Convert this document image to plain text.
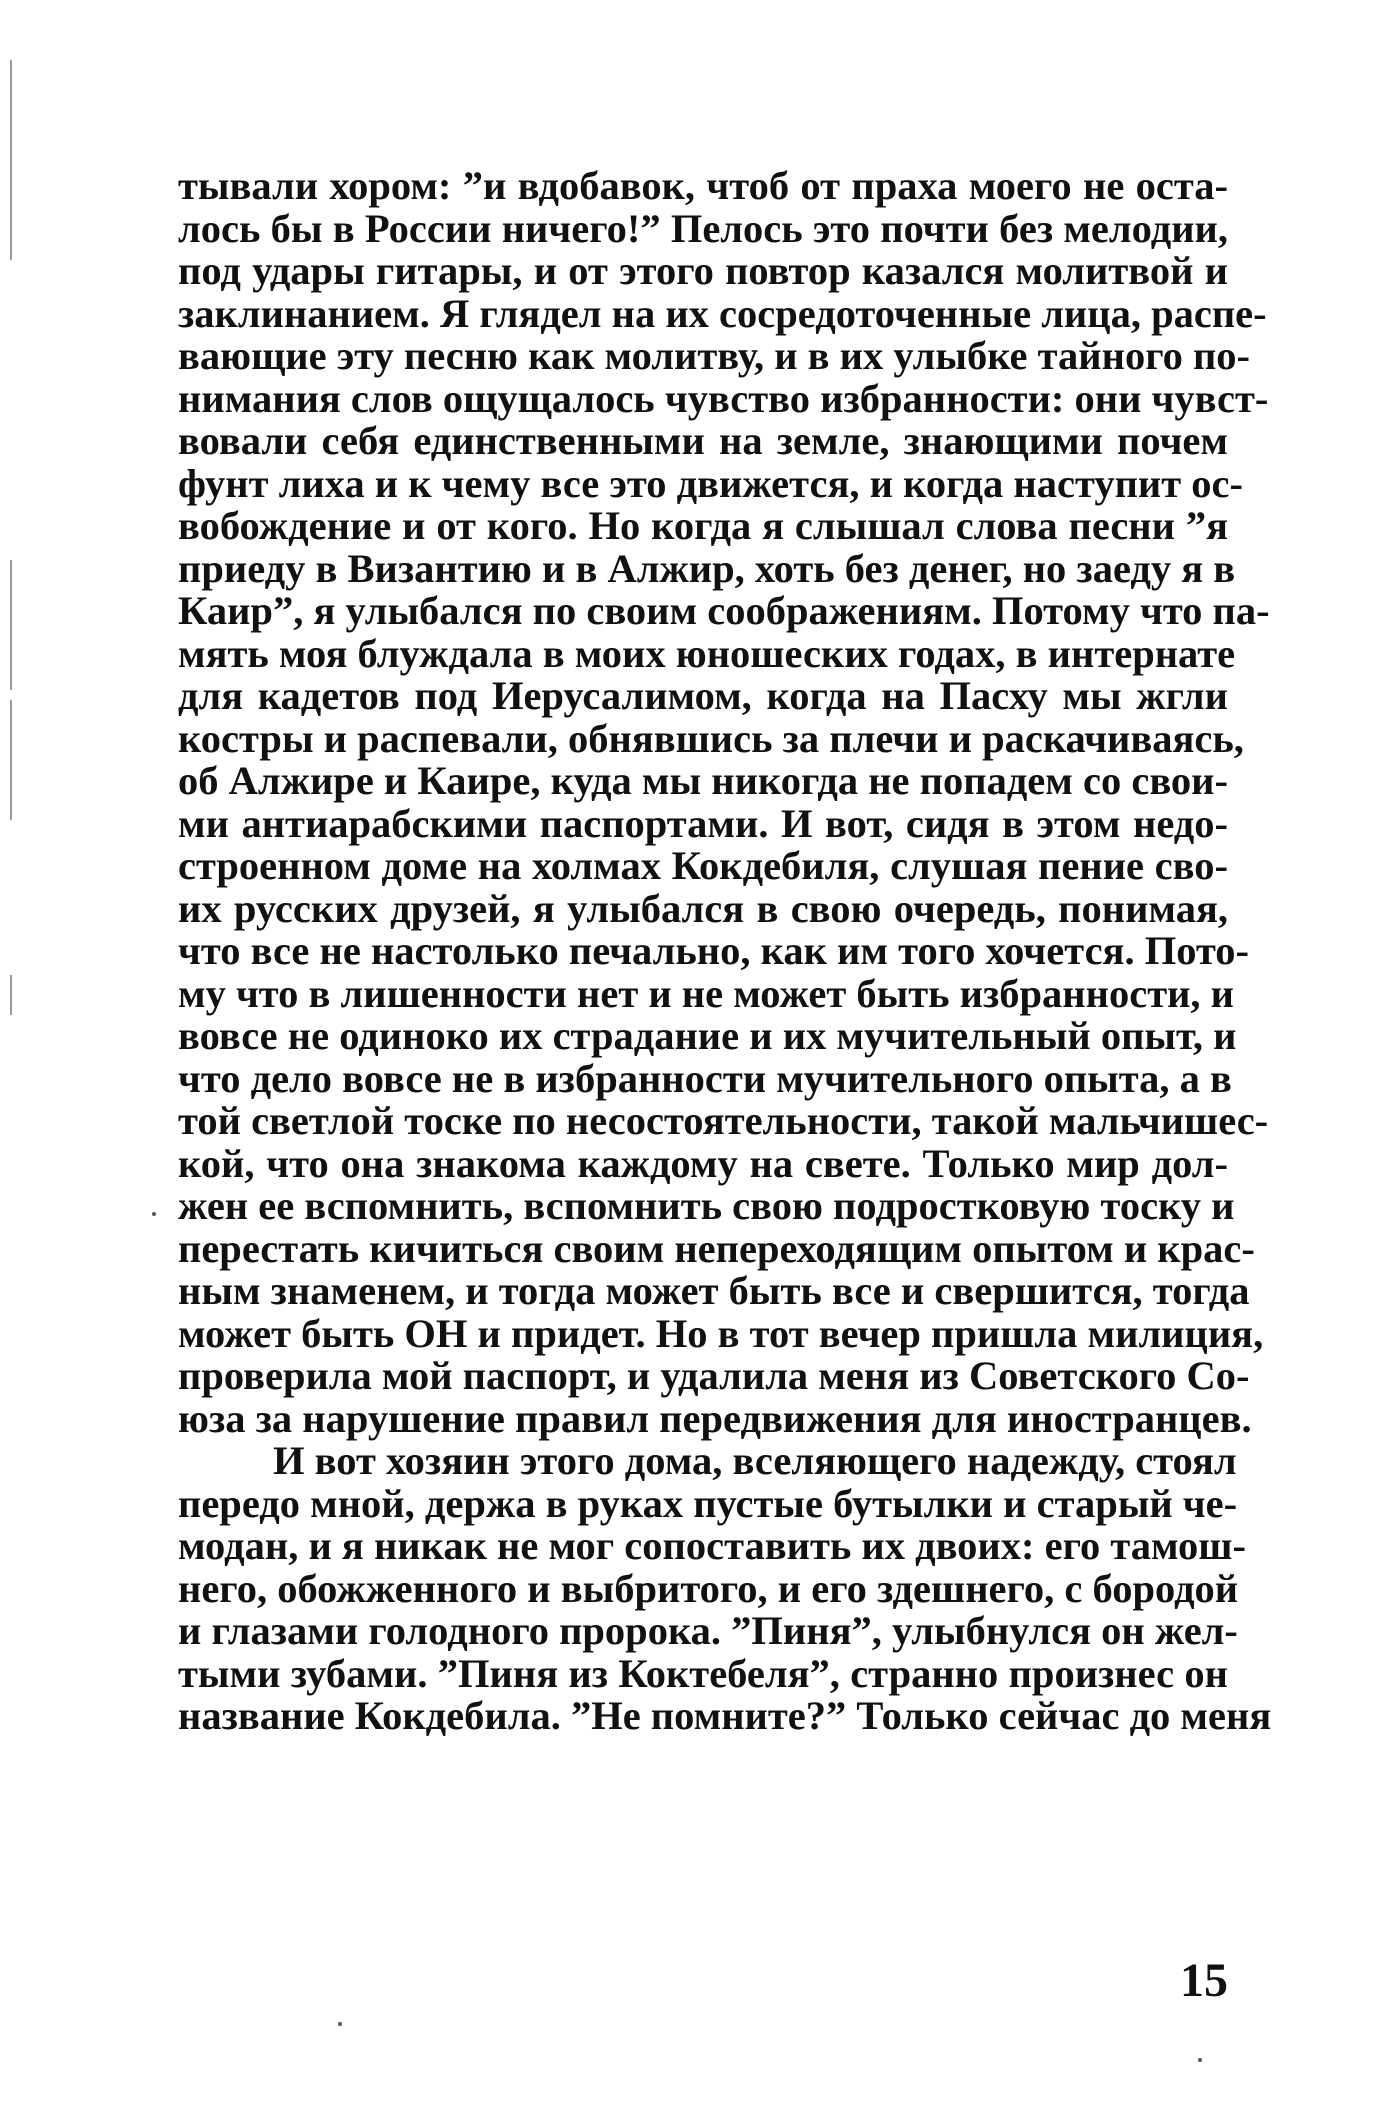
тывали хором: ”и вдобавок, чтоб от праха моего не оста-
лось бы в России ничего!” Пелось это почти без мелодии,
под удары гитары, и от этого повтор казался молитвой и
заклинанием. Я глядел на их сосредоточенные лица, распе-
вающие эту песню как молитву, и в их улыбке тайного по-
нимания слов ощущалось чувство избранности: они чувст-
вовали себя единственными на земле, знающими почем
фунт лиха и к чему все это движется, и когда наступит ос-
вобождение и от кого. Но когда я слышал слова песни ”я
приеду в Византию и в Алжир, хоть без денег, но заеду я в
Каир”, я улыбался по своим соображениям. Потому что па-
мять моя блуждала в моих юношеских годах, в интернате
для кадетов под Иерусалимом, когда на Пасху мы жгли
костры и распевали, обнявшись за плечи и раскачиваясь,
об Алжире и Каире, куда мы никогда не попадем со свои-
ми антиарабскими паспортами. И вот, сидя в этом недо-
строенном доме на холмах Кокдебиля, слушая пение сво-
их русских друзей, я улыбался в свою очередь, понимая,
что все не настолько печально, как им того хочется. Пото-
му что в лишенности нет и не может быть избранности, и
вовсе не одиноко их страдание и их мучительный опыт, и
что дело вовсе не в избранности мучительного опыта, а в
той светлой тоске по несостоятельности, такой мальчишес-
кой, что она знакома каждому на свете. Только мир дол-
жен ее вспомнить, вспомнить свою подростковую тоску и
перестать кичиться своим непереходящим опытом и крас-
ным знаменем, и тогда может быть все и свершится, тогда
может быть ОН и придет. Но в тот вечер пришла милиция,
проверила мой паспорт, и удалила меня из Советского Со-
юза за нарушение правил передвижения для иностранцев.
И вот хозяин этого дома, вселяющего надежду, стоял
передо мной, держа в руках пустые бутылки и старый че-
модан, и я никак не мог сопоставить их двоих: его тамош-
него, обожженного и выбритого, и его здешнего, с бородой
и глазами голодного пророка. ”Пиня”, улыбнулся он жел-
тыми зубами. ”Пиня из Коктебеля”, странно произнес он
название Кокдебила. ”Не помните?” Только сейчас до меня
15
